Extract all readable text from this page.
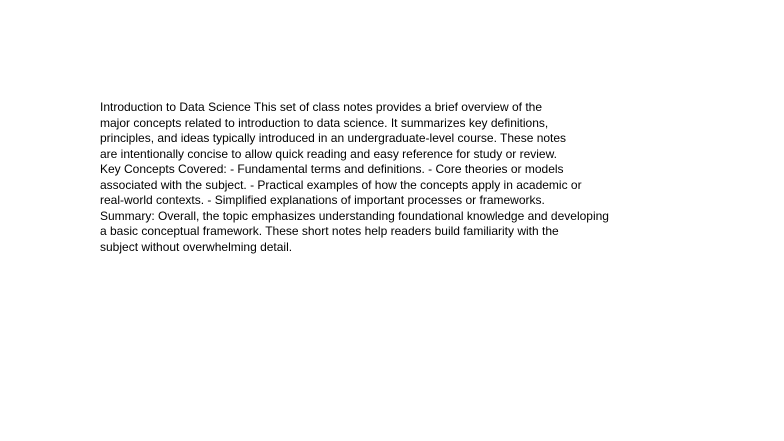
Introduction to Data Science This set of class notes provides a brief overview of the
major concepts related to introduction to data science. It summarizes key definitions,
principles, and ideas typically introduced in an undergraduate-level course. These notes
are intentionally concise to allow quick reading and easy reference for study or review.
Key Concepts Covered: - Fundamental terms and definitions. - Core theories or models
associated with the subject. - Practical examples of how the concepts apply in academic or
real-world contexts. - Simplified explanations of important processes or frameworks.
Summary: Overall, the topic emphasizes understanding foundational knowledge and developing
a basic conceptual framework. These short notes help readers build familiarity with the
subject without overwhelming detail.
